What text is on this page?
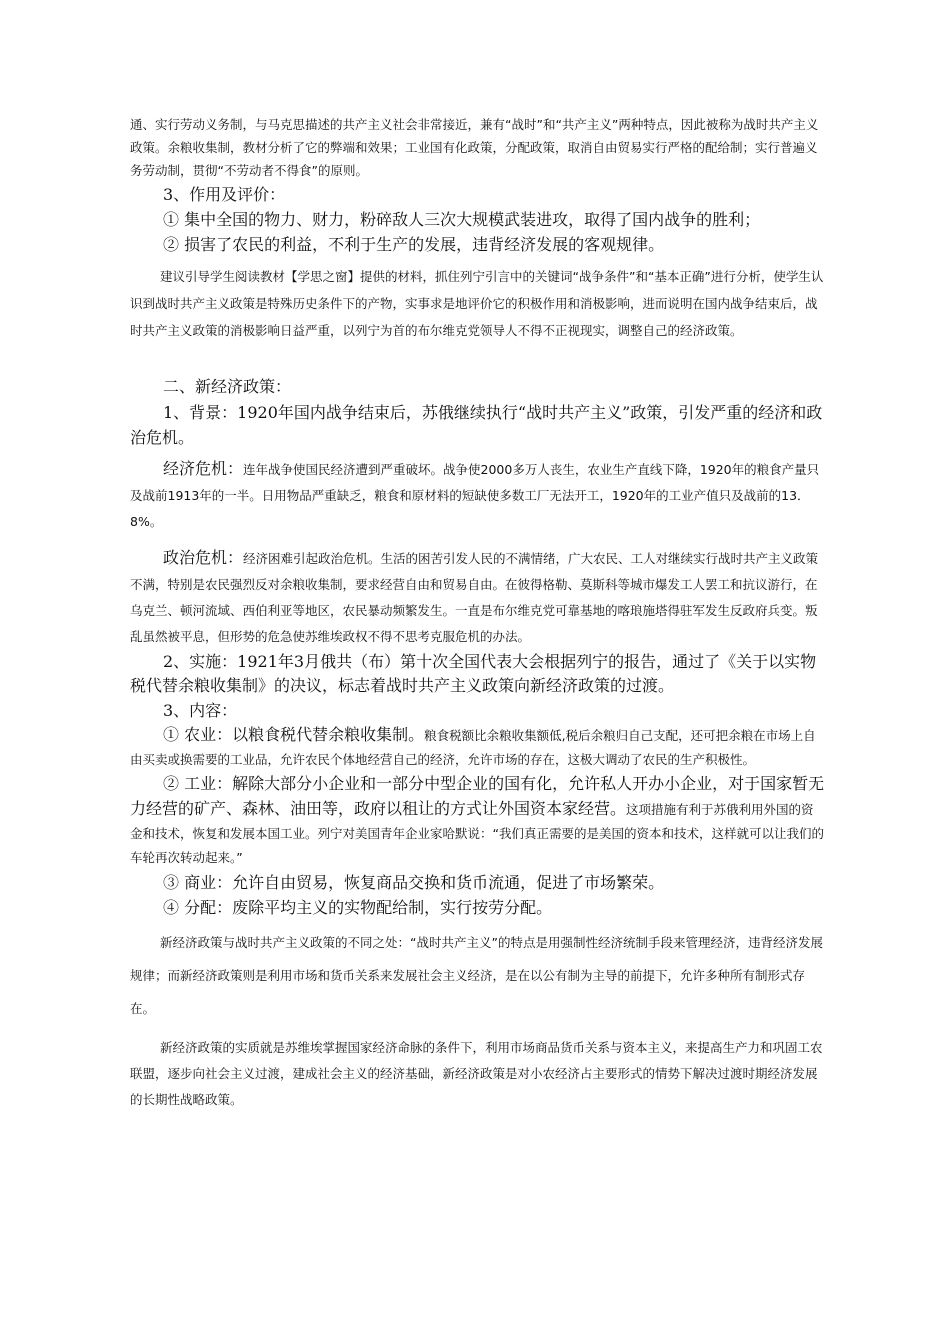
通、实行劳动义务制，与马克思描述的共产主义社会非常接近，兼有“战时”和“共产主义”两种特点，因此被称为战时共产主义政策。余粮收集制，教材分析了它的弊端和效果；工业国有化政策，分配政策，取消自由贸易实行严格的配给制；实行普遍义务劳动制，贯彻“不劳动者不得食”的原则。

3、作用及评价：

① 集中全国的物力、财力，粉碎敌人三次大规模武装进攻，取得了国内战争的胜利；

② 损害了农民的利益，不利于生产的发展，违背经济发展的客观规律。

建议引导学生阅读教材【学思之窗】提供的材料，抓住列宁引言中的关键词“战争条件”和“基本正确”进行分析，使学生认识到战时共产主义政策是特殊历史条件下的产物，实事求是地评价它的积极作用和消极影响，进而说明在国内战争结束后，战时共产主义政策的消极影响日益严重，以列宁为首的布尔维克党领导人不得不正视现实，调整自己的经济政策。

二、新经济政策：

1、背景：1920年国内战争结束后，苏俄继续执行“战时共产主义”政策，引发严重的经济和政治危机。

经济危机：连年战争使国民经济遭到严重破坏。战争使2000多万人丧生，农业生产直线下降，1920年的粮食产量只及战前1913年的一半。日用物品严重缺乏，粮食和原材料的短缺使多数工厂无法开工，1920年的工业产值只及战前的13．8%。

政治危机：经济困难引起政治危机。生活的困苦引发人民的不满情绪，广大农民、工人对继续实行战时共产主义政策不满，特别是农民强烈反对余粮收集制，要求经营自由和贸易自由。在彼得格勒、莫斯科等城市爆发工人罢工和抗议游行，在乌克兰、顿河流域、西伯利亚等地区，农民暴动频繁发生。一直是布尔维克党可靠基地的喀琅施塔得驻军发生反政府兵变。叛乱虽然被平息，但形势的危急使苏维埃政权不得不思考克服危机的办法。

2、实施：1921年3月俄共（布）第十次全国代表大会根据列宁的报告，通过了《关于以实物税代替余粮收集制》的决议，标志着战时共产主义政策向新经济政策的过渡。

3、内容：

① 农业：以粮食税代替余粮收集制。粮食税额比余粮收集额低,税后余粮归自己支配，还可把余粮在市场上自由买卖或换需要的工业品，允许农民个体地经营自己的经济，允许市场的存在，这极大调动了农民的生产积极性。

② 工业：解除大部分小企业和一部分中型企业的国有化，允许私人开办小企业，对于国家暂无力经营的矿产、森林、油田等，政府以租让的方式让外国资本家经营。这项措施有利于苏俄利用外国的资金和技术，恢复和发展本国工业。列宁对美国青年企业家哈默说：“我们真正需要的是美国的资本和技术，这样就可以让我们的车轮再次转动起来。”

③ 商业：允许自由贸易，恢复商品交换和货币流通，促进了市场繁荣。

④ 分配：废除平均主义的实物配给制，实行按劳分配。

新经济政策与战时共产主义政策的不同之处：“战时共产主义”的特点是用强制性经济统制手段来管理经济，违背经济发展规律；而新经济政策则是利用市场和货币关系来发展社会主义经济，是在以公有制为主导的前提下，允许多种所有制形式存在。

新经济政策的实质就是苏维埃掌握国家经济命脉的条件下，利用市场商品货币关系与资本主义，来提高生产力和巩固工农联盟，逐步向社会主义过渡，建成社会主义的经济基础，新经济政策是对小农经济占主要形式的情势下解决过渡时期经济发展的长期性战略政策。
